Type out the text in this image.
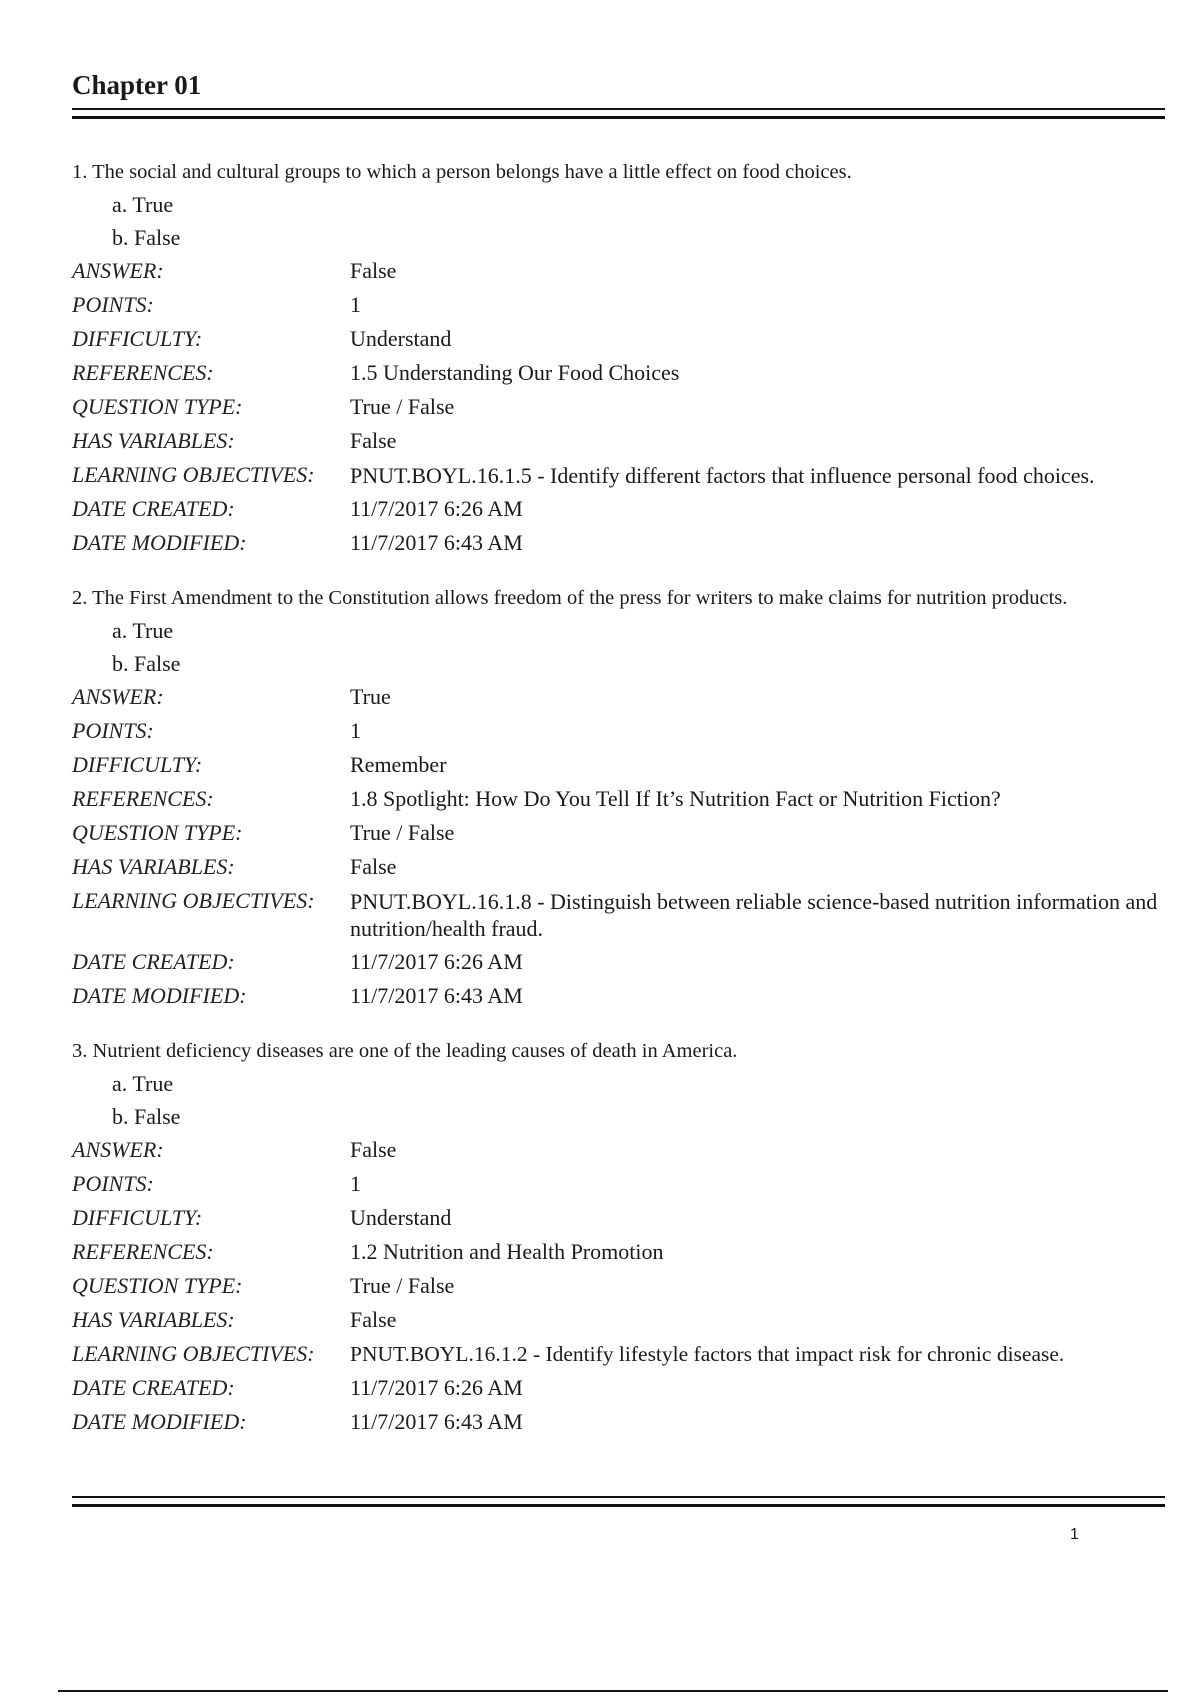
Chapter 01
1. The social and cultural groups to which a person belongs have a little effect on food choices.
a. True
b. False
ANSWER:	False
POINTS:	1
DIFFICULTY:	Understand
REFERENCES:	1.5 Understanding Our Food Choices
QUESTION TYPE:	True / False
HAS VARIABLES:	False
LEARNING OBJECTIVES:	PNUT.BOYL.16.1.5 - Identify different factors that influence personal food choices.
DATE CREATED:	11/7/2017 6:26 AM
DATE MODIFIED:	11/7/2017 6:43 AM
2. The First Amendment to the Constitution allows freedom of the press for writers to make claims for nutrition products.
a. True
b. False
ANSWER:	True
POINTS:	1
DIFFICULTY:	Remember
REFERENCES:	1.8 Spotlight: How Do You Tell If It’s Nutrition Fact or Nutrition Fiction?
QUESTION TYPE:	True / False
HAS VARIABLES:	False
LEARNING OBJECTIVES:	PNUT.BOYL.16.1.8 - Distinguish between reliable science-based nutrition information and nutrition/health fraud.
DATE CREATED:	11/7/2017 6:26 AM
DATE MODIFIED:	11/7/2017 6:43 AM
3. Nutrient deficiency diseases are one of the leading causes of death in America.
a. True
b. False
ANSWER:	False
POINTS:	1
DIFFICULTY:	Understand
REFERENCES:	1.2 Nutrition and Health Promotion
QUESTION TYPE:	True / False
HAS VARIABLES:	False
LEARNING OBJECTIVES:	PNUT.BOYL.16.1.2 - Identify lifestyle factors that impact risk for chronic disease.
DATE CREATED:	11/7/2017 6:26 AM
DATE MODIFIED:	11/7/2017 6:43 AM
1
